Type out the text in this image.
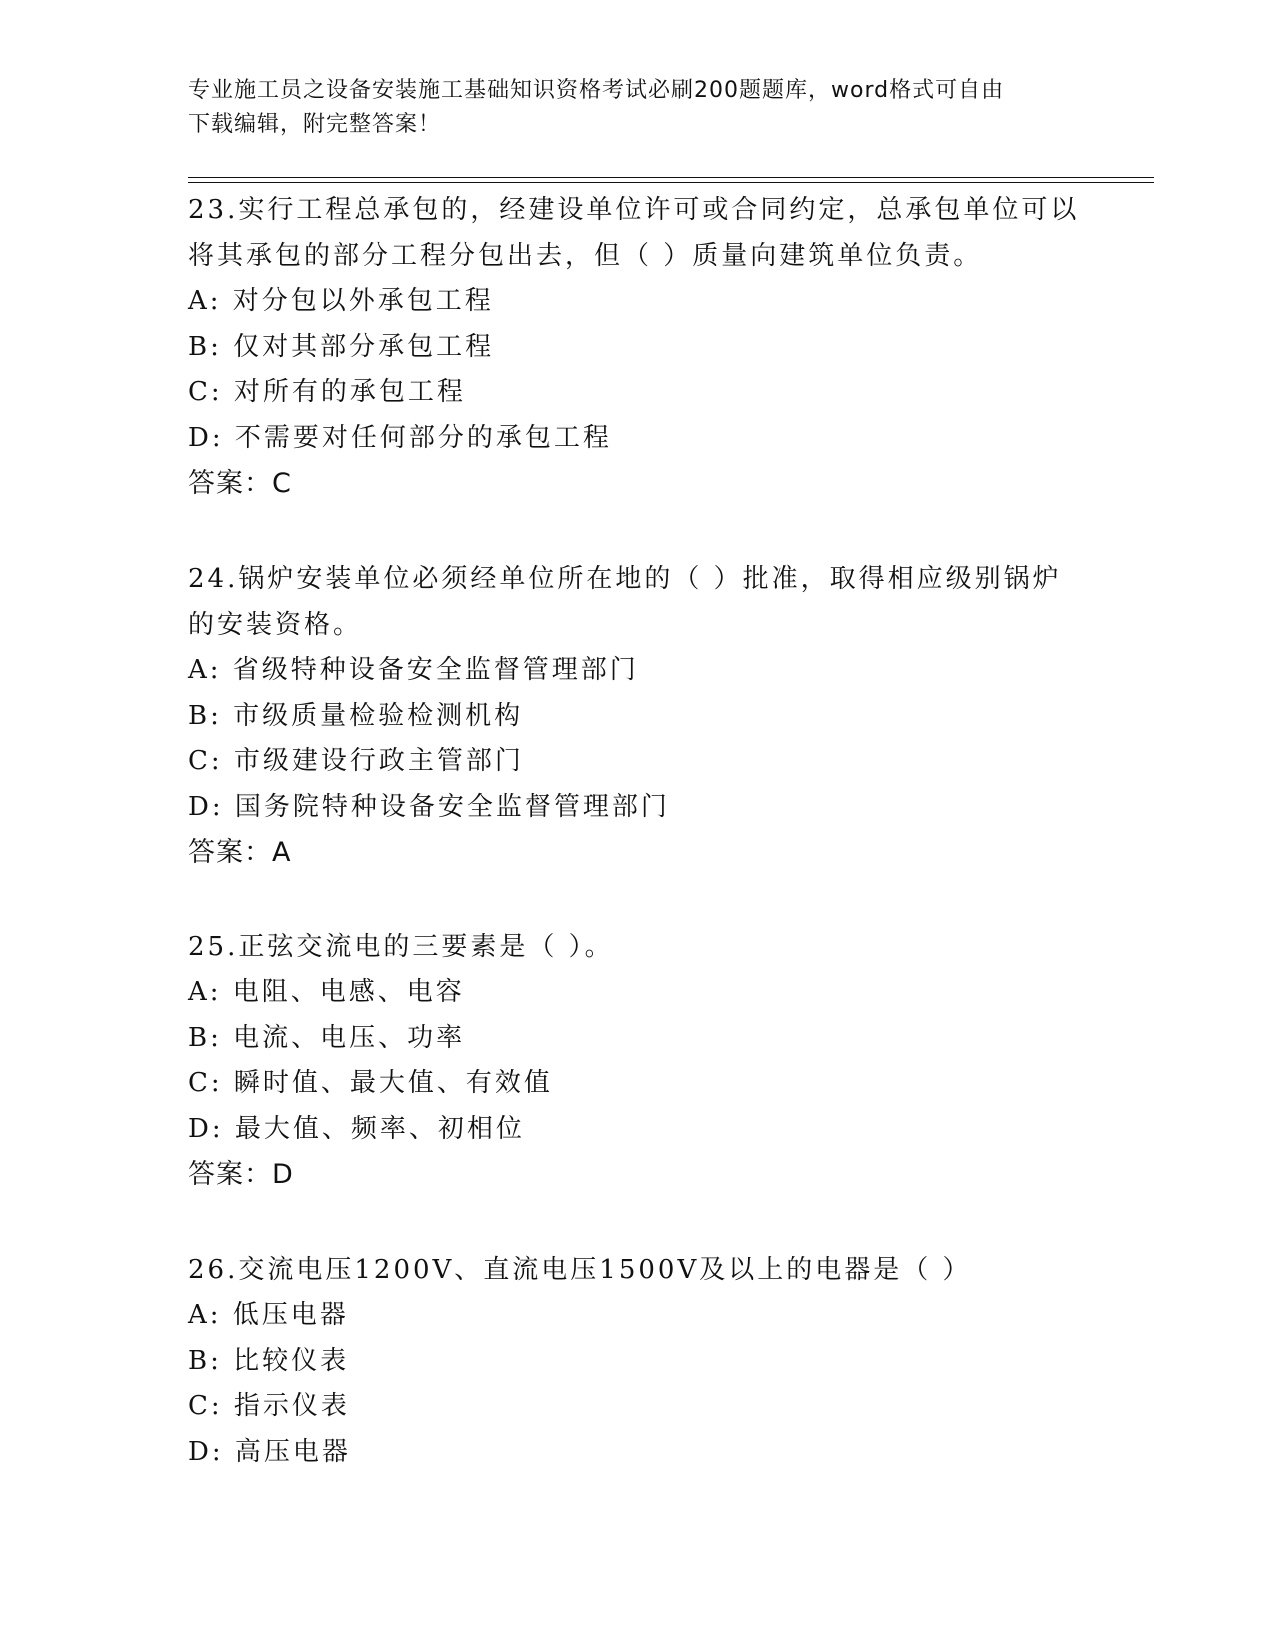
专业施工员之设备安装施工基础知识资格考试必刷200题题库，word格式可自由
下载编辑，附完整答案！
23.实行工程总承包的，经建设单位许可或合同约定，总承包单位可以
将其承包的部分工程分包出去，但（ ）质量向建筑单位负责。
A: 对分包以外承包工程
B: 仅对其部分承包工程
C: 对所有的承包工程
D: 不需要对任何部分的承包工程
答案：C
24.锅炉安装单位必须经单位所在地的（ ）批准，取得相应级别锅炉
的安装资格。
A: 省级特种设备安全监督管理部门
B: 市级质量检验检测机构
C: 市级建设行政主管部门
D: 国务院特种设备安全监督管理部门
答案：A
25.正弦交流电的三要素是（ ）。
A: 电阻、电感、电容
B: 电流、电压、功率
C: 瞬时值、最大值、有效值
D: 最大值、频率、初相位
答案：D
26.交流电压1200V、直流电压1500V及以上的电器是（ ）
A: 低压电器
B: 比较仪表
C: 指示仪表
D: 高压电器
